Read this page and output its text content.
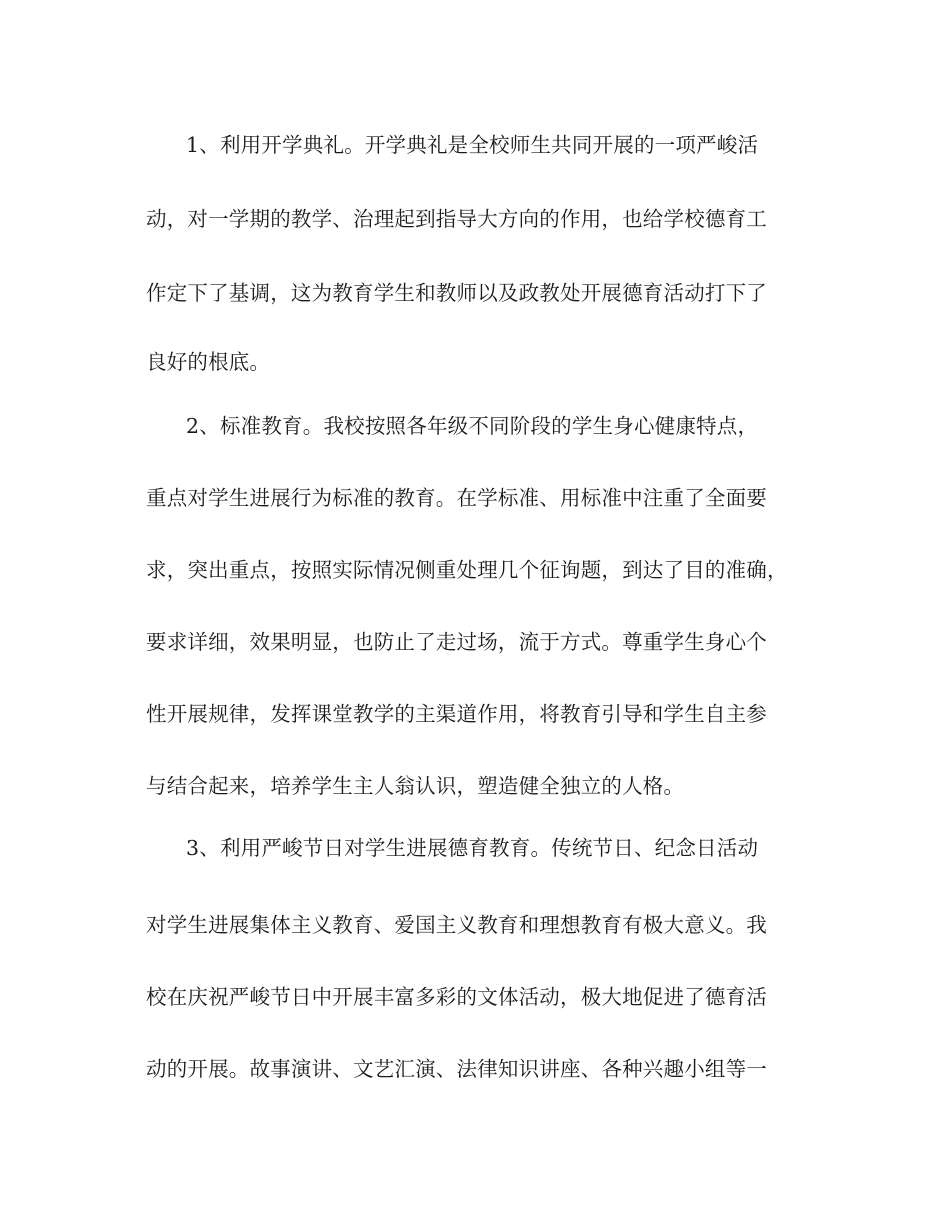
1、利用开学典礼。开学典礼是全校师生共同开展的一项严峻活
动，对一学期的教学、治理起到指导大方向的作用，也给学校德育工
作定下了基调，这为教育学生和教师以及政教处开展德育活动打下了
良好的根底。
2、标准教育。我校按照各年级不同阶段的学生身心健康特点，
重点对学生进展行为标准的教育。在学标准、用标准中注重了全面要
求，突出重点，按照实际情况侧重处理几个征询题，到达了目的准确，
要求详细，效果明显，也防止了走过场，流于方式。尊重学生身心个
性开展规律，发挥课堂教学的主渠道作用，将教育引导和学生自主参
与结合起来，培养学生主人翁认识，塑造健全独立的人格。
3、利用严峻节日对学生进展德育教育。传统节日、纪念日活动
对学生进展集体主义教育、爱国主义教育和理想教育有极大意义。我
校在庆祝严峻节日中开展丰富多彩的文体活动，极大地促进了德育活
动的开展。故事演讲、文艺汇演、法律知识讲座、各种兴趣小组等一
